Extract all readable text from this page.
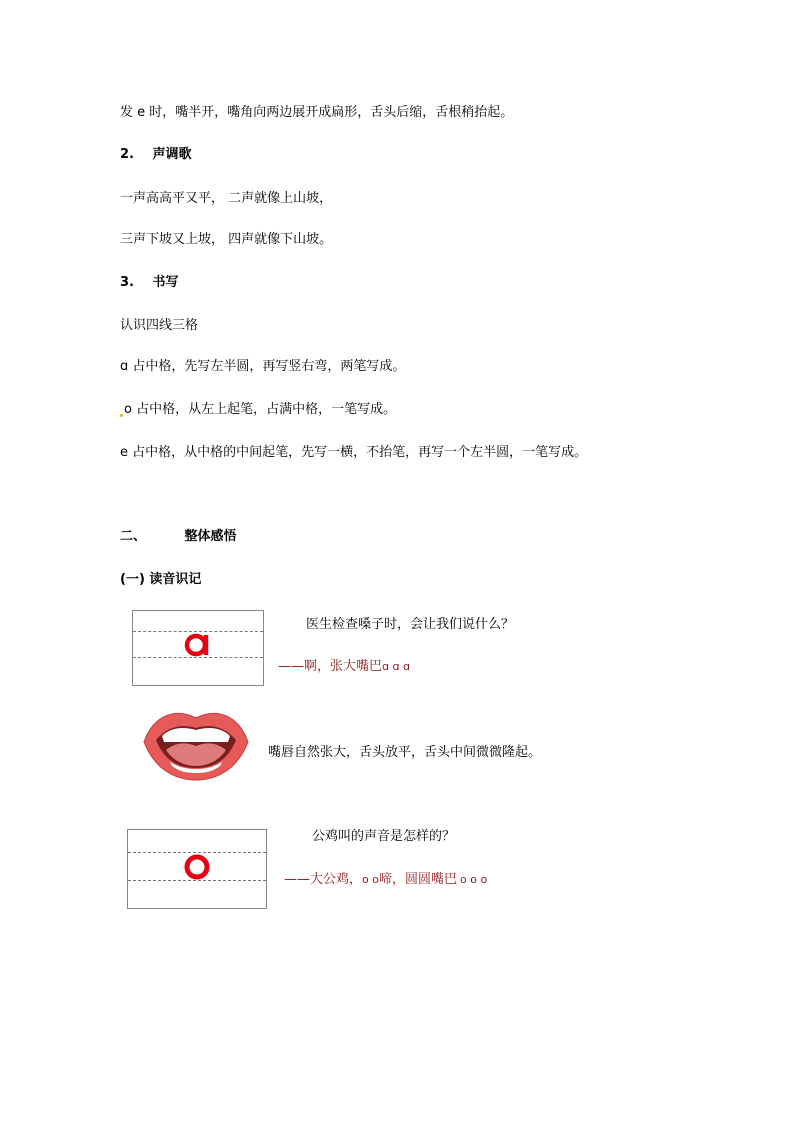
发 e 时，嘴半开，嘴角向两边展开成扁形，舌头后缩，舌根稍抬起。
2. 声调歌
一声高高平又平， 二声就像上山坡，
三声下坡又上坡， 四声就像下山坡。
3. 书写
认识四线三格
ɑ 占中格，先写左半圆，再写竖右弯，两笔写成。
o 占中格，从左上起笔，占满中格，一笔写成。
e 占中格，从中格的中间起笔，先写一横，不抬笔，再写一个左半圆，一笔写成。
二、	整体感悟
(一) 读音识记
医生检查嗓子时，会让我们说什么？
——啊，张大嘴巴ɑ ɑ ɑ
嘴唇自然张大，舌头放平，舌头中间微微隆起。
公鸡叫的声音是怎样的？
——大公鸡，o o啼，圆圆嘴巴 o o o
